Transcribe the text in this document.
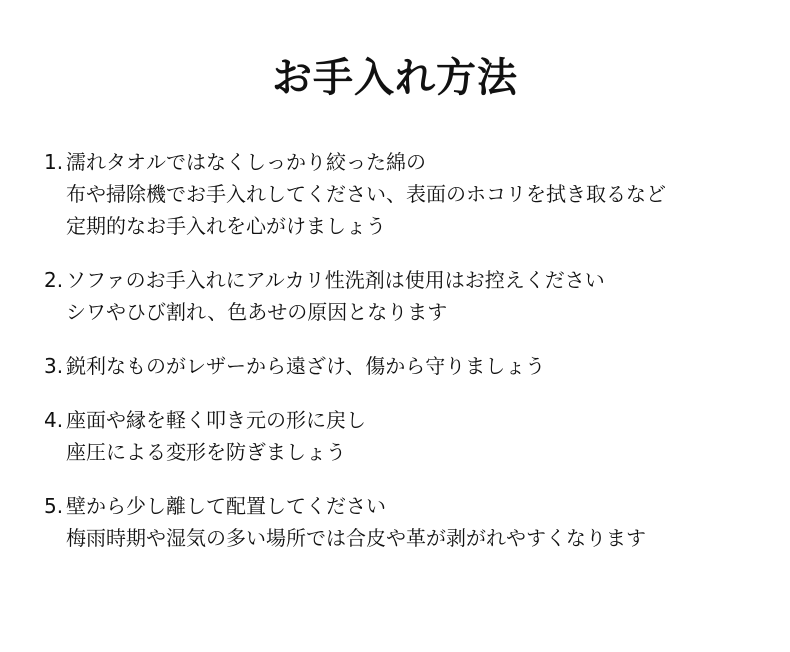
お手入れ方法
1. 濡れタオルではなくしっかり絞った綿の
布や掃除機でお手入れしてください、表面のホコリを拭き取るなど
定期的なお手入れを心がけましょう
2. ソファのお手入れにアルカリ性洗剤は使用はお控えください
シワやひび割れ、色あせの原因となります
3. 鋭利なものがレザーから遠ざけ、傷から守りましょう
4. 座面や縁を軽く叩き元の形に戻し
座圧による変形を防ぎましょう
5. 壁から少し離して配置してください
梅雨時期や湿気の多い場所では合皮や革が剥がれやすくなります
